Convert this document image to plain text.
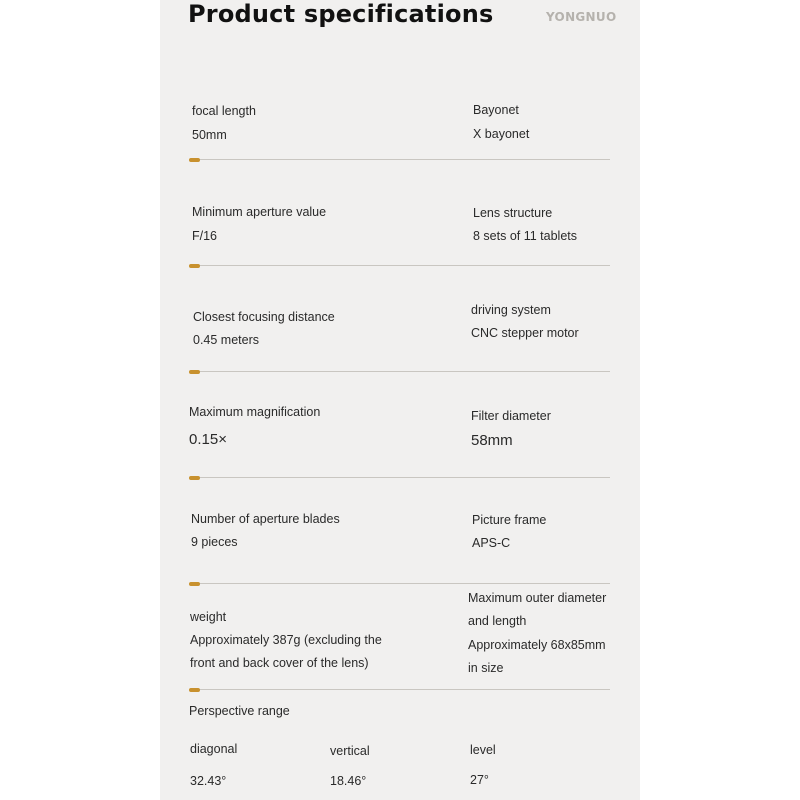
Product specifications	YONGNUO
focal length
50mm
Bayonet
X bayonet
Minimum aperture value
F/16
Lens structure
8 sets of 11 tablets
Closest focusing distance
0.45 meters
driving system
CNC stepper motor
Maximum magnification
0.15×
Filter diameter
58mm
Number of aperture blades
9 pieces
Picture frame
APS-C
weight
Approximately 387g (excluding the
front and back cover of the lens)
Maximum outer diameter
and length
Approximately 68x85mm
in size
Perspective range
diagonal
32.43°
vertical
18.46°
level
27°
